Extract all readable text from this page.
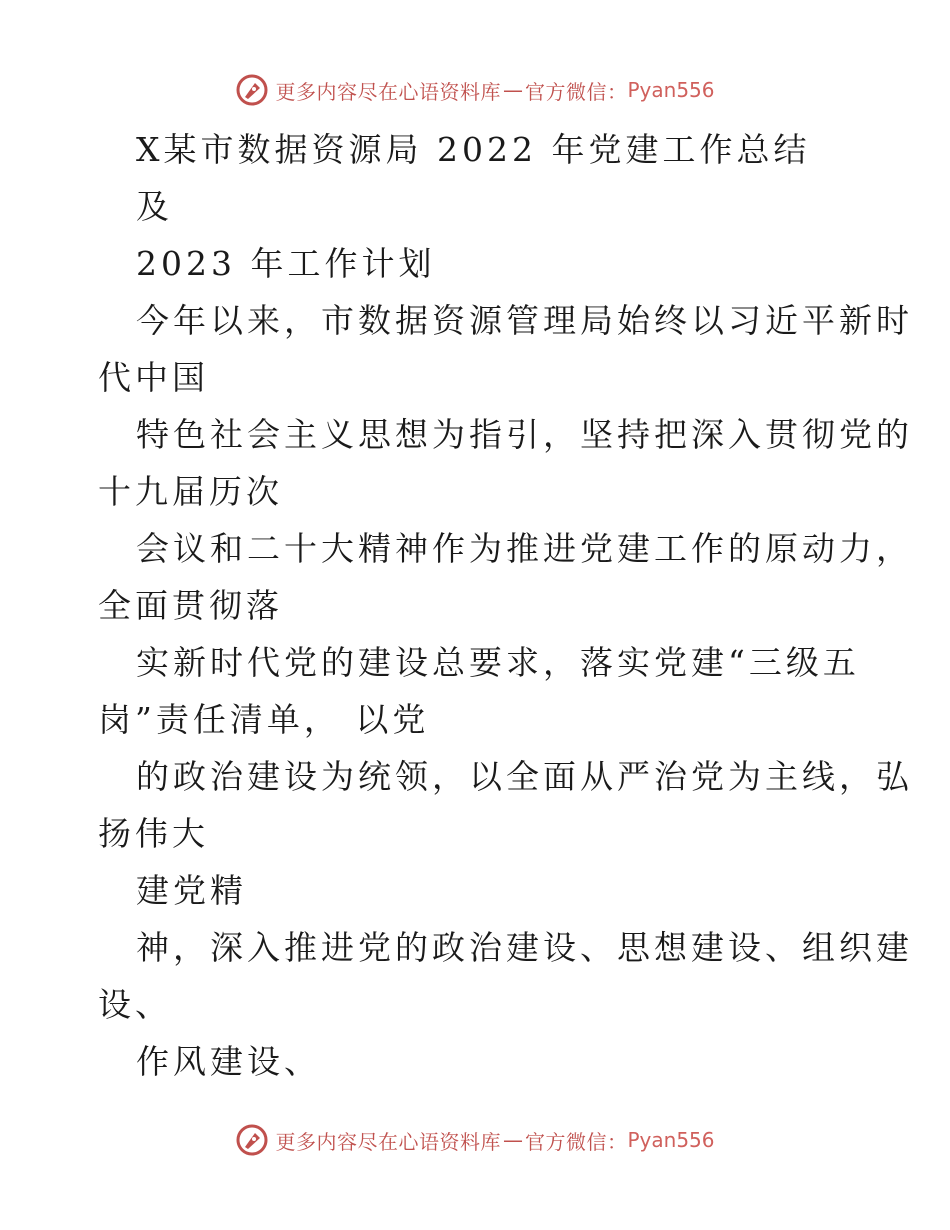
更多内容尽在心语资料库 — 官方微信： Pyan556
X某市数据资源局 2022 年党建工作总结
及
2023 年工作计划
今年以来，市数据资源管理局始终以习近平新时
代中国
特色社会主义思想为指引，坚持把深入贯彻党的
十九届历次
会议和二十大精神作为推进党建工作的原动力，
全面贯彻落
实新时代党的建设总要求，落实党建“三级五
岗”责任清单， 以党
的政治建设为统领，以全面从严治党为主线，弘
扬伟大
建党精
神，深入推进党的政治建设、思想建设、组织建
设、
作风建设、
更多内容尽在心语资料库 — 官方微信： Pyan556
